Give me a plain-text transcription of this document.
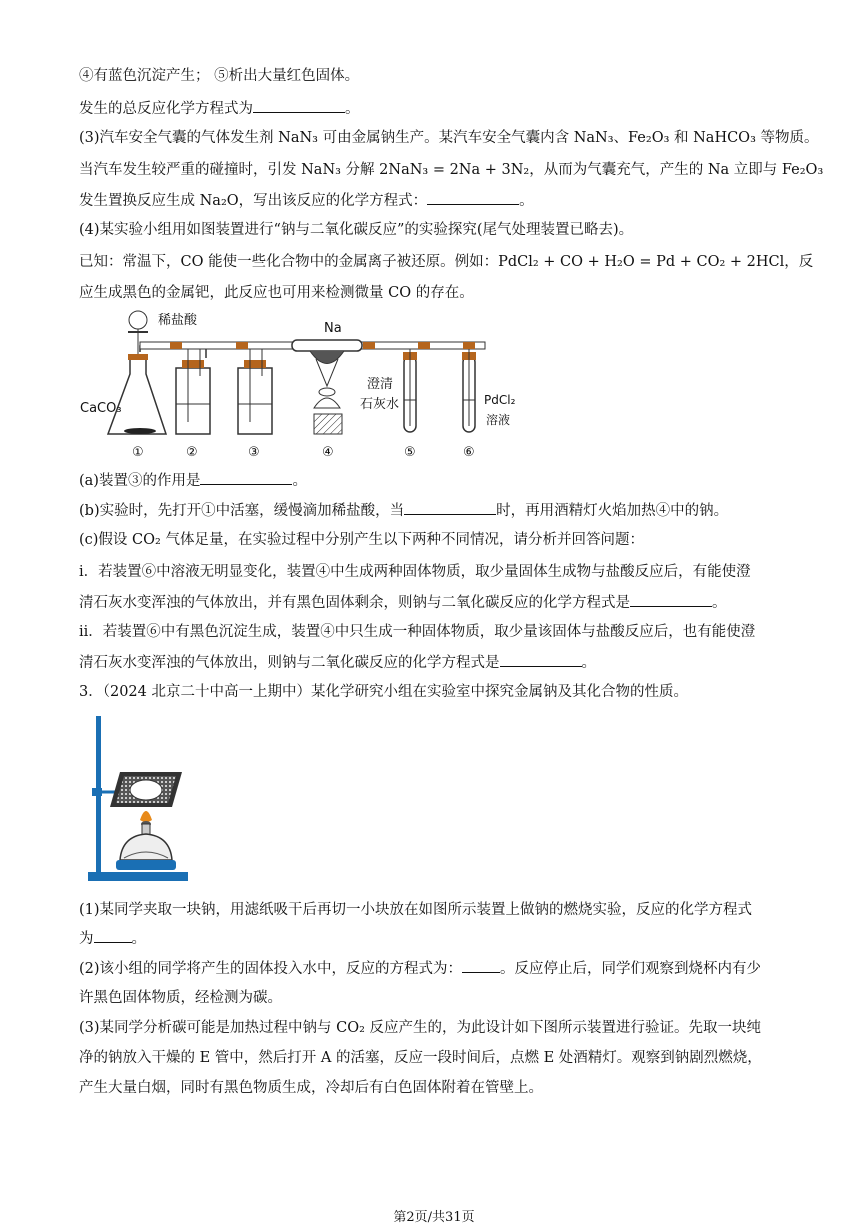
④有蓝色沉淀产生； ⑤析出大量红色固体。
发生的总反应化学方程式为	。
(3)汽车安全气囊的气体发生剂 NaN₃ 可由金属钠生产。某汽车安全气囊内含 NaN₃、Fe₂O₃ 和 NaHCO₃ 等物质。
当汽车发生较严重的碰撞时，引发 NaN₃ 分解 2NaN₃ = 2Na + 3N₂，从而为气囊充气，产生的 Na 立即与 Fe₂O₃
发生置换反应生成 Na₂O，写出该反应的化学方程式：	。
(4)某实验小组用如图装置进行“钠与二氧化碳反应”的实验探究(尾气处理装置已略去)。
已知：常温下，CO 能使一些化合物中的金属离子被还原。例如：PdCl₂ + CO + H₂O = Pd + CO₂ + 2HCl，反
应生成黑色的金属钯，此反应也可用来检测微量 CO 的存在。
稀盐酸
Na
CaCO₃
澄清
石灰水	PdCl₂
溶液
①	②	③	④	⑤	⑥
(a)装置③的作用是	。
(b)实验时，先打开①中活塞，缓慢滴加稀盐酸，当	时，再用酒精灯火焰加热④中的钠。
(c)假设 CO₂ 气体足量，在实验过程中分别产生以下两种不同情况，请分析并回答问题：
i．若装置⑥中溶液无明显变化，装置④中生成两种固体物质，取少量固体生成物与盐酸反应后，有能使澄
清石灰水变浑浊的气体放出，并有黑色固体剩余，则钠与二氧化碳反应的化学方程式是	。
ii．若装置⑥中有黑色沉淀生成，装置④中只生成一种固体物质，取少量该固体与盐酸反应后，也有能使澄
清石灰水变浑浊的气体放出，则钠与二氧化碳反应的化学方程式是	。
3．（2024 北京二十中高一上期中）某化学研究小组在实验室中探究金属钠及其化合物的性质。
(1)某同学夹取一块钠，用滤纸吸干后再切一小块放在如图所示装置上做钠的燃烧实验，反应的化学方程式
为	。
(2)该小组的同学将产生的固体投入水中，反应的方程式为：	。反应停止后，同学们观察到烧杯内有少
许黑色固体物质，经检测为碳。
(3)某同学分析碳可能是加热过程中钠与 CO₂ 反应产生的，为此设计如下图所示装置进行验证。先取一块纯
净的钠放入干燥的 E 管中，然后打开 A 的活塞，反应一段时间后，点燃 E 处酒精灯。观察到钠剧烈燃烧，
产生大量白烟，同时有黑色物质生成，冷却后有白色固体附着在管壁上。
第2页/共31页
